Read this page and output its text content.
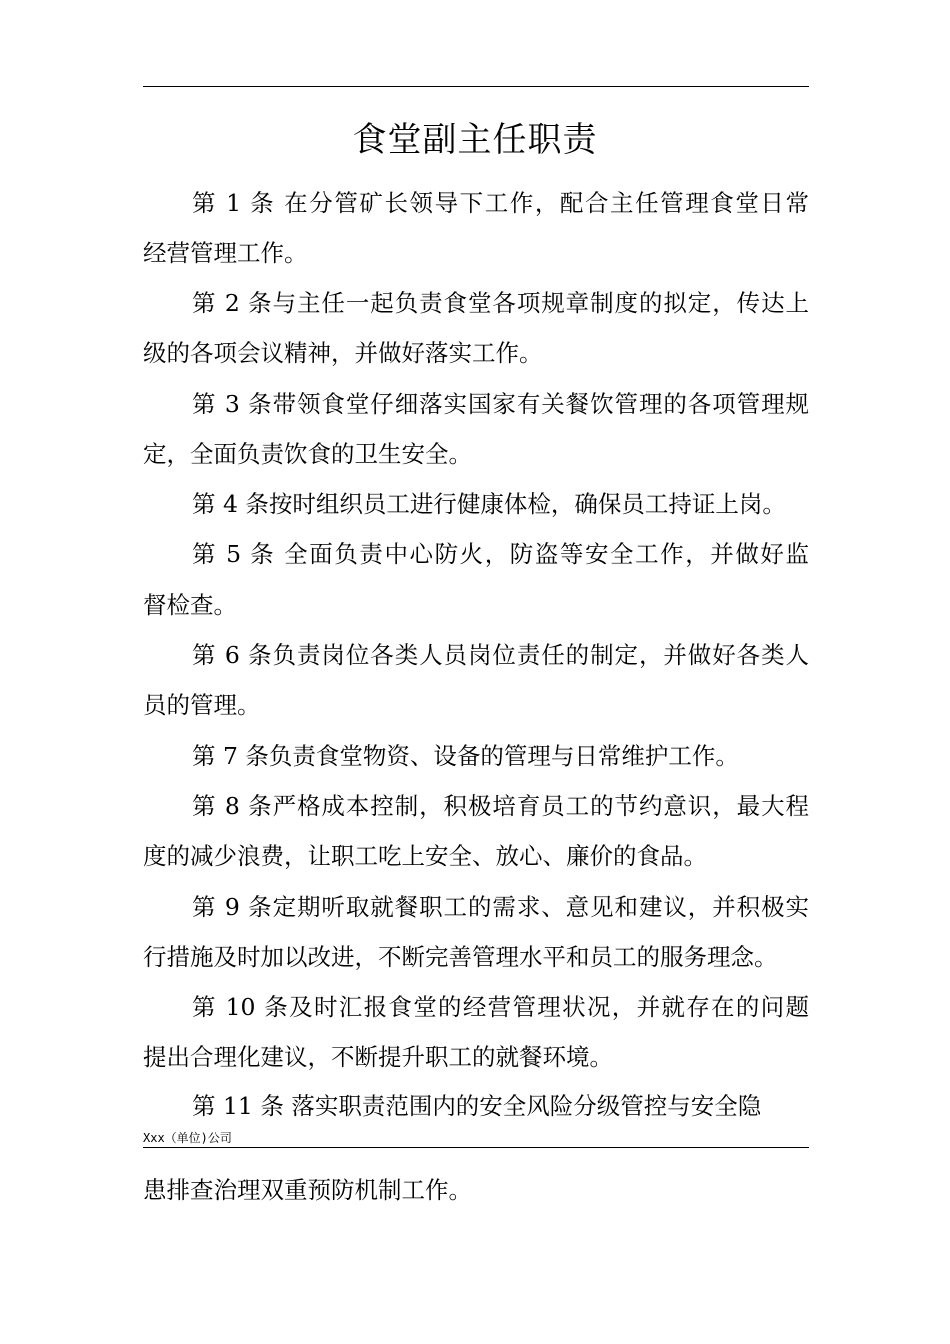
食堂副主任职责
第 1 条 在分管矿长领导下工作，配合主任管理食堂日常
经营管理工作。
第 2 条与主任一起负责食堂各项规章制度的拟定，传达上
级的各项会议精神，并做好落实工作。
第 3 条带领食堂仔细落实国家有关餐饮管理的各项管理规
定，全面负责饮食的卫生安全。
第 4 条按时组织员工进行健康体检，确保员工持证上岗。
第 5 条 全面负责中心防火，防盗等安全工作，并做好监
督检查。
第 6 条负责岗位各类人员岗位责任的制定，并做好各类人
员的管理。
第 7 条负责食堂物资、设备的管理与日常维护工作。
第 8 条严格成本控制，积极培育员工的节约意识，最大程
度的减少浪费，让职工吃上安全、放心、廉价的食品。
第 9 条定期听取就餐职工的需求、意见和建议，并积极实
行措施及时加以改进，不断完善管理水平和员工的服务理念。
第 10 条及时汇报食堂的经营管理状况，并就存在的问题
提出合理化建议，不断提升职工的就餐环境。
第 11 条 落实职责范围内的安全风险分级管控与安全隐
Xxx（单位)公司
患排查治理双重预防机制工作。
